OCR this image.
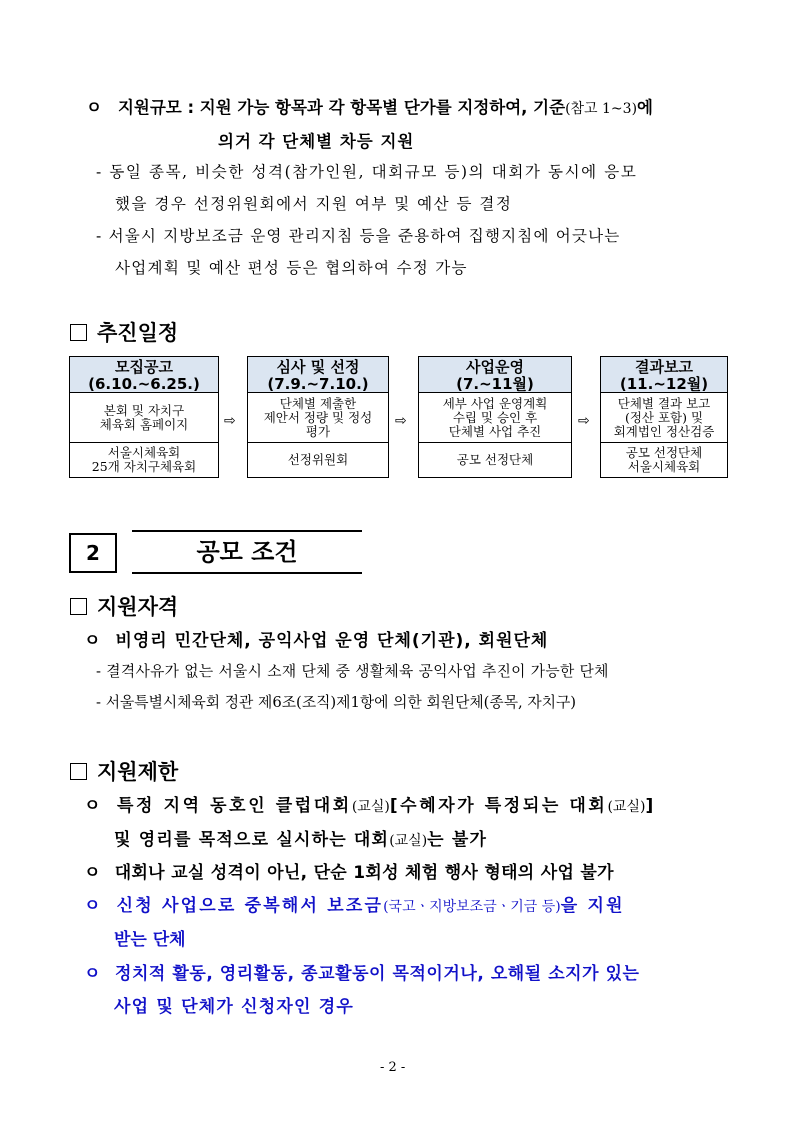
ㅇ 지원규모 : 지원 가능 항목과 각 항목별 단가를 지정하여, 기준(참고 1~3)에
의거 각 단체별 차등 지원
- 동일 종목, 비슷한 성격(참가인원, 대회규모 등)의 대회가 동시에 응모
했을 경우 선정위원회에서 지원 여부 및 예산 등 결정
- 서울시 지방보조금 운영 관리지침 등을 준용하여 집행지침에 어긋나는
사업계획 및 예산 편성 등은 협의하여 수정 가능
추진일정
모집공고
(6.10.~6.25.)
본회 및 자치구
체육회 홈페이지
서울시체육회
25개 자치구체육회
⇨
심사 및 선정
(7.9.~7.10.)
단체별 제출한
제안서 정량 및 정성
평가
선정위원회
⇨
사업운영
(7.~11월)
세부 사업 운영계획
수립 및 승인 후
단체별 사업 추진
공모 선정단체
⇨
결과보고
(11.~12월)
단체별 결과 보고
(정산 포함) 및
회계법인 정산검증
공모 선정단체
서울시체육회
2	공모 조건
지원자격
ㅇ 비영리 민간단체, 공익사업 운영 단체(기관), 회원단체
- 결격사유가 없는 서울시 소재 단체 중 생활체육 공익사업 추진이 가능한 단체
- 서울특별시체육회 정관 제6조(조직)제1항에 의한 회원단체(종목, 자치구)
지원제한
ㅇ 특정 지역 동호인 클럽대회(교실)[수혜자가 특정되는 대회(교실)]
및 영리를 목적으로 실시하는 대회(교실)는 불가
ㅇ 대회나 교실 성격이 아닌, 단순 1회성 체험 행사 형태의 사업 불가
ㅇ 신청 사업으로 중복해서 보조금(국고ㆍ지방보조금ㆍ기금 등)을 지원
받는 단체
ㅇ 정치적 활동, 영리활동, 종교활동이 목적이거나, 오해될 소지가 있는
사업 및 단체가 신청자인 경우
- 2 -
